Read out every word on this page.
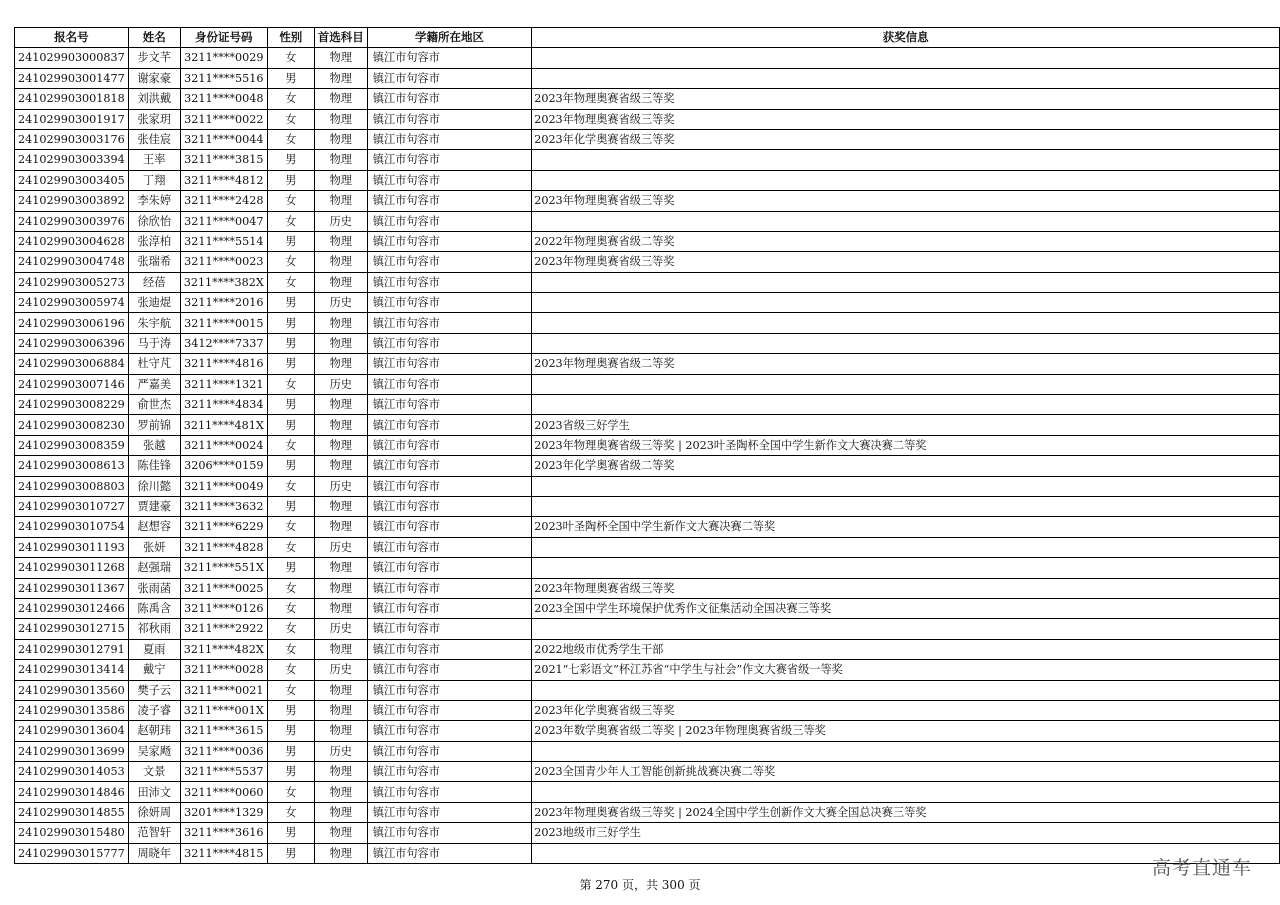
报名号	姓名	身份证号码	性别	首选科目	学籍所在地区	获奖信息
241029903000837	步文芊	3211****0029	女	物理	镇江市句容市	
241029903001477	谢家豪	3211****5516	男	物理	镇江市句容市	
241029903001818	刘洪戴	3211****0048	女	物理	镇江市句容市	2023年物理奥赛省级三等奖
241029903001917	张家玥	3211****0022	女	物理	镇江市句容市	2023年物理奥赛省级三等奖
241029903003176	张佳宸	3211****0044	女	物理	镇江市句容市	2023年化学奥赛省级三等奖
241029903003394	王率	3211****3815	男	物理	镇江市句容市	
241029903003405	丁翔	3211****4812	男	物理	镇江市句容市	
241029903003892	李朱婷	3211****2428	女	物理	镇江市句容市	2023年物理奥赛省级三等奖
241029903003976	徐欣怡	3211****0047	女	历史	镇江市句容市	
241029903004628	张淳柏	3211****5514	男	物理	镇江市句容市	2022年物理奥赛省级二等奖
241029903004748	张瑞希	3211****0023	女	物理	镇江市句容市	2023年物理奥赛省级三等奖
241029903005273	经蓓	3211****382X	女	物理	镇江市句容市	
241029903005974	张迪焜	3211****2016	男	历史	镇江市句容市	
241029903006196	朱宇航	3211****0015	男	物理	镇江市句容市	
241029903006396	马于涛	3412****7337	男	物理	镇江市句容市	
241029903006884	杜守芃	3211****4816	男	物理	镇江市句容市	2023年物理奥赛省级二等奖
241029903007146	严嘉美	3211****1321	女	历史	镇江市句容市	
241029903008229	俞世杰	3211****4834	男	物理	镇江市句容市	
241029903008230	罗前锦	3211****481X	男	物理	镇江市句容市	2023省级三好学生
241029903008359	张越	3211****0024	女	物理	镇江市句容市	2023年物理奥赛省级三等奖 | 2023叶圣陶杯全国中学生新作文大赛决赛二等奖
241029903008613	陈佳锋	3206****0159	男	物理	镇江市句容市	2023年化学奥赛省级二等奖
241029903008803	徐川懿	3211****0049	女	历史	镇江市句容市	
241029903010727	贾建豪	3211****3632	男	物理	镇江市句容市	
241029903010754	赵想容	3211****6229	女	物理	镇江市句容市	2023叶圣陶杯全国中学生新作文大赛决赛二等奖
241029903011193	张妍	3211****4828	女	历史	镇江市句容市	
241029903011268	赵强瑞	3211****551X	男	物理	镇江市句容市	
241029903011367	张雨菡	3211****0025	女	物理	镇江市句容市	2023年物理奥赛省级三等奖
241029903012466	陈禹含	3211****0126	女	物理	镇江市句容市	2023全国中学生环境保护优秀作文征集活动全国决赛三等奖
241029903012715	祁秋雨	3211****2922	女	历史	镇江市句容市	
241029903012791	夏雨	3211****482X	女	物理	镇江市句容市	2022地级市优秀学生干部
241029903013414	戴宁	3211****0028	女	历史	镇江市句容市	2021“七彩语文”杯江苏省“中学生与社会”作文大赛省级一等奖
241029903013560	樊子云	3211****0021	女	物理	镇江市句容市	
241029903013586	凌子睿	3211****001X	男	物理	镇江市句容市	2023年化学奥赛省级三等奖
241029903013604	赵朝玮	3211****3615	男	物理	镇江市句容市	2023年数学奥赛省级二等奖 | 2023年物理奥赛省级三等奖
241029903013699	吴家飏	3211****0036	男	历史	镇江市句容市	
241029903014053	文景	3211****5537	男	物理	镇江市句容市	2023全国青少年人工智能创新挑战赛决赛二等奖
241029903014846	田沛文	3211****0060	女	物理	镇江市句容市	
241029903014855	徐妍周	3201****1329	女	物理	镇江市句容市	2023年物理奥赛省级三等奖 | 2024全国中学生创新作文大赛全国总决赛三等奖
241029903015480	范智轩	3211****3616	男	物理	镇江市句容市	2023地级市三好学生
241029903015777	周晓年	3211****4815	男	物理	镇江市句容市	
第 270 页，共 300 页
高考直通车
